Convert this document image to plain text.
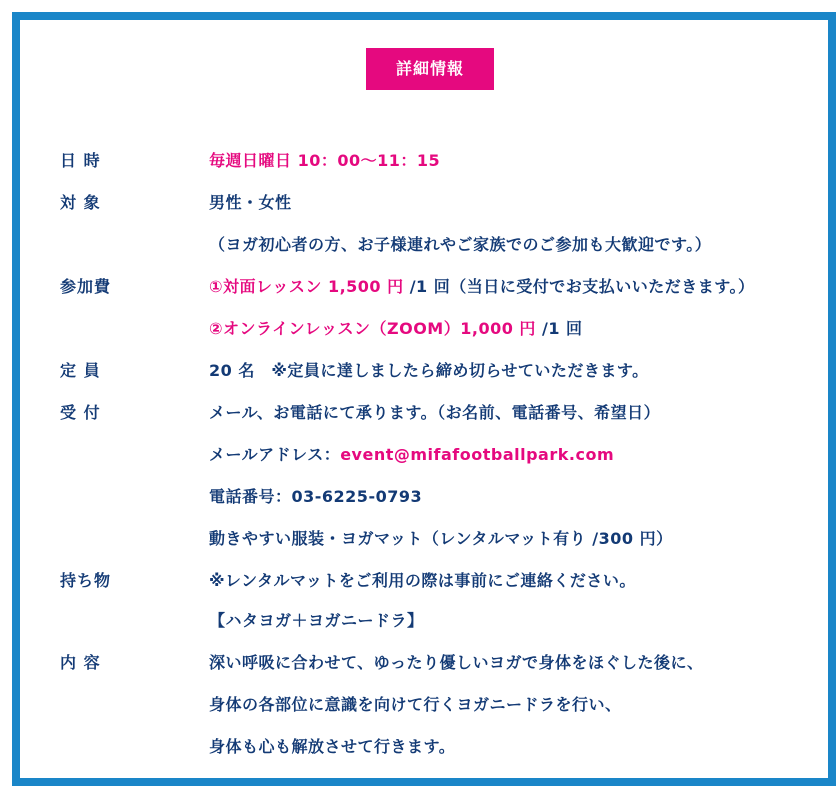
詳細情報
日 時	毎週日曜日 10：00〜11：15
対 象	男性・女性
（ヨガ初心者の方、お子様連れやご家族でのご参加も大歓迎です。）
参加費	①対面レッスン 1,500 円 /1 回（当日に受付でお支払いいただきます。）
②オンラインレッスン（ZOOM）1,000 円 /1 回
定 員	20 名　※定員に達しましたら締め切らせていただきます。
受 付	メール、お電話にて承ります。（お名前、電話番号、希望日）
メールアドレス：event@mifafootballpark.com
電話番号：03-6225-0793
動きやすい服装・ヨガマット（レンタルマット有り /300 円）
持ち物	※レンタルマットをご利用の際は事前にご連絡ください。
【ハタヨガ＋ヨガニードラ】
内 容	深い呼吸に合わせて、ゆったり優しいヨガで身体をほぐした後に、
身体の各部位に意識を向けて行くヨガニードラを行い、
身体も心も解放させて行きます。
